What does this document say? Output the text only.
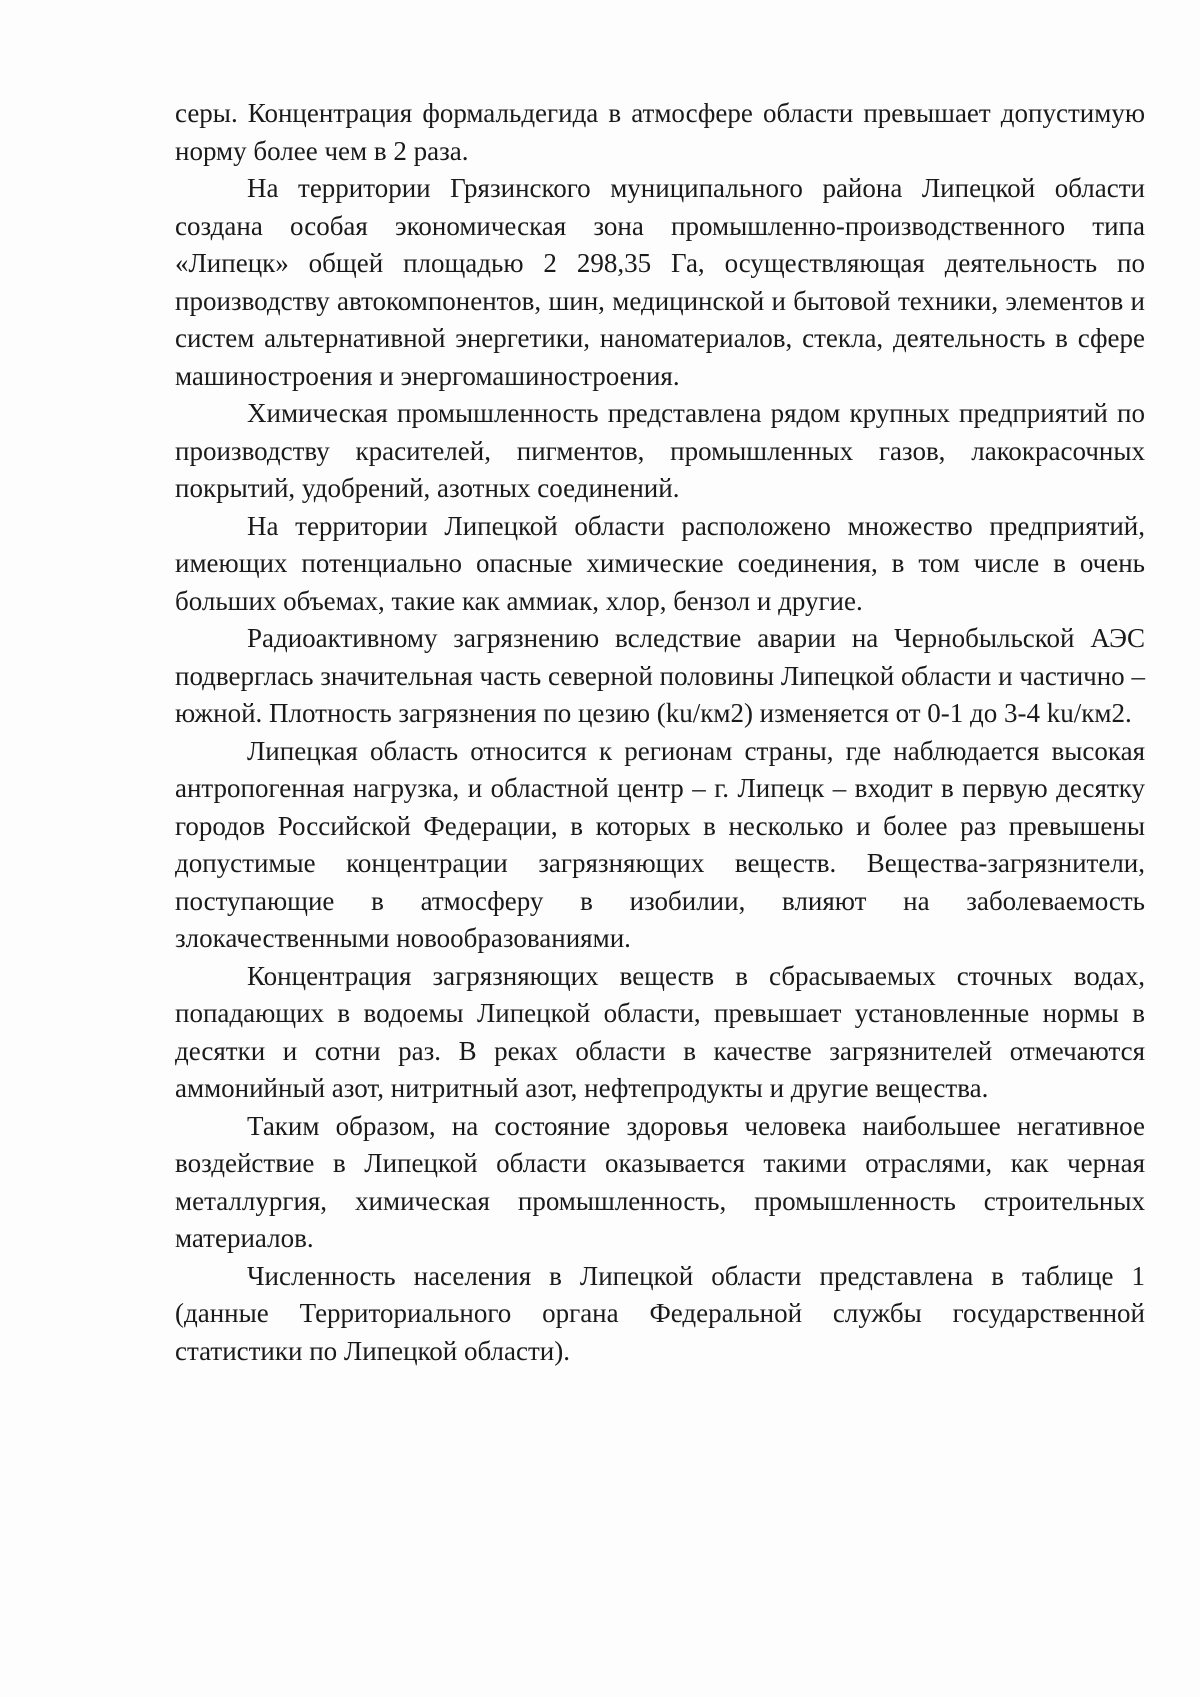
серы. Концентрация формальдегида в атмосфере области превышает допустимую норму более чем в 2 раза.

На территории Грязинского муниципального района Липецкой области создана особая экономическая зона промышленно-производственного типа «Липецк» общей площадью 2 298,35 Га, осуществляющая деятельность по производству автокомпонентов, шин, медицинской и бытовой техники, элементов и систем альтернативной энергетики, наноматериалов, стекла, деятельность в сфере машиностроения и энергомашиностроения.

Химическая промышленность представлена рядом крупных предприятий по производству красителей, пигментов, промышленных газов, лакокрасочных покрытий, удобрений, азотных соединений.

На территории Липецкой области расположено множество предприятий, имеющих потенциально опасные химические соединения, в том числе в очень больших объемах, такие как аммиак, хлор, бензол и другие.

Радиоактивному загрязнению вследствие аварии на Чернобыльской АЭС подверглась значительная часть северной половины Липецкой области и частично – южной. Плотность загрязнения по цезию (ku/км2) изменяется от 0-1 до 3-4 ku/км2.

Липецкая область относится к регионам страны, где наблюдается высокая антропогенная нагрузка, и областной центр – г. Липецк – входит в первую десятку городов Российской Федерации, в которых в несколько и более раз превышены допустимые концентрации загрязняющих веществ. Вещества-загрязнители, поступающие в атмосферу в изобилии, влияют на заболеваемость злокачественными новообразованиями.

Концентрация загрязняющих веществ в сбрасываемых сточных водах, попадающих в водоемы Липецкой области, превышает установленные нормы в десятки и сотни раз. В реках области в качестве загрязнителей отмечаются аммонийный азот, нитритный азот, нефтепродукты и другие вещества.

Таким образом, на состояние здоровья человека наибольшее негативное воздействие в Липецкой области оказывается такими отраслями, как черная металлургия, химическая промышленность, промышленность строительных материалов.

Численность населения в Липецкой области представлена в таблице 1 (данные Территориального органа Федеральной службы государственной статистики по Липецкой области).
